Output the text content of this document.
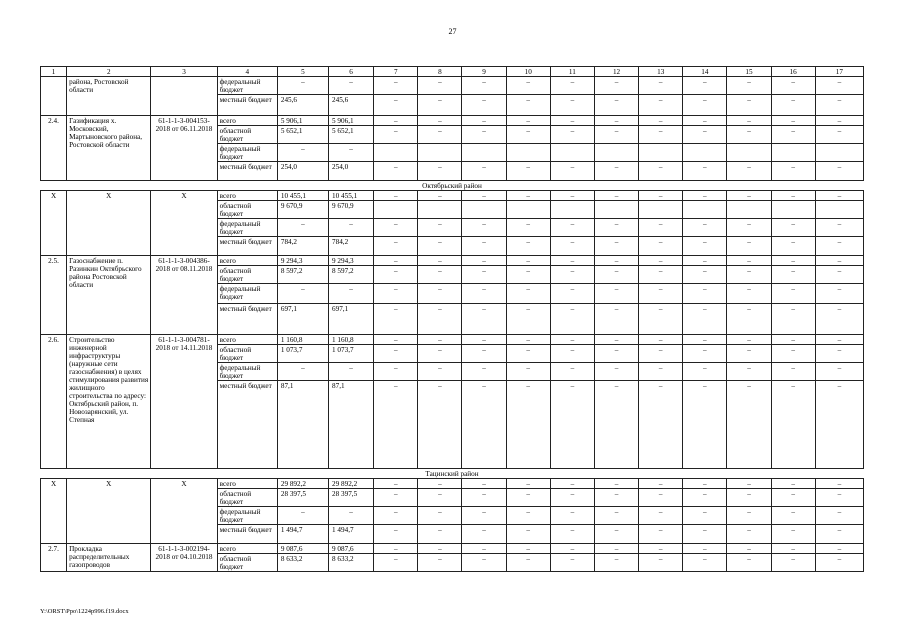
27
1	2	3	4	5	6	7	8	9	10	11	12	13	14	15	16	17
	района, Ростовской области		федеральный бюджет	–	–	–	–	–	–	–	–	–	–	–	–	–
			местный бюджет	245,6	245,6	–	–	–	–	–	–	–	–	–	–	–
2.4.	Газификация х. Московский, Мартыновского района, Ростовской области	61-1-1-3-004153-2018 от 06.11.2018	всего	5 906,1	5 906,1	–	–	–	–	–	–	–	–	–	–	–
			областной бюджет	5 652,1	5 652,1	–	–	–	–	–	–	–	–	–	–	–
			федеральный бюджет	–	–											
			местный бюджет	254,0	254,0	–	–	–	–	–	–	–	–	–	–	–
Октябрьский район																
X	X	X	всего	10 455,1	10 455,1	–	–	–	–	–	–	–	–	–	–	–
			областной бюджет	9 670,9	9 670,9											
			федеральный бюджет	–	–	–	–	–	–	–	–	–	–	–	–	–
			местный бюджет	784,2	784,2	–	–	–	–	–	–	–	–	–	–	–
2.5.	Газоснабжение п. Разинкин Октябрьского района Ростовской области	61-1-1-3-004386-2018 от 08.11.2018	всего	9 294,3	9 294,3	–	–	–	–	–	–	–	–	–	–	–
			областной бюджет	8 597,2	8 597,2	–	–	–	–	–	–	–	–	–	–	–
			федеральный бюджет	–	–	–	–	–	–	–	–	–	–	–	–	–
			местный бюджет	697,1	697,1	–	–	–	–	–	–	–	–	–	–	–
2.6.	Строительство инженерной инфраструктуры (наружные сети газоснабжения) в целях стимулирования развития жилищного строительства по адресу: Октябрьский район, п. Новозарянский, ул. Степная	61-1-1-3-004781-2018 от 14.11.2018	всего	1 160,8	1 160,8	–	–	–	–	–	–	–	–	–	–	–
			областной бюджет	1 073,7	1 073,7	–	–	–	–	–	–	–	–	–	–	–
			федеральный бюджет	–	–	–	–	–	–	–	–	–	–	–	–	–
			местный бюджет	87,1	87,1	–	–	–	–	–	–	–	–	–	–	–
Тацинский район																
X	X	X	всего	29 892,2	29 892,2	–	–	–	–	–	–	–	–	–	–	–
			областной бюджет	28 397,5	28 397,5	–	–	–	–	–	–	–	–	–	–	–
			федеральный бюджет	–	–	–	–	–	–	–	–	–	–	–	–	–
			местный бюджет	1 494,7	1 494,7	–	–	–	–	–	–	–	–	–	–	–
2.7.	Прокладка распределительных газопроводов	61-1-1-3-002194-2018 от 04.10.2018	всего	9 087,6	9 087,6	–	–	–	–	–	–	–	–	–	–	–
			областной бюджет	8 633,2	8 633,2	–	–	–	–	–	–	–	–	–	–	–
Y:\ORST\Ppo\1224p996.f19.docx
